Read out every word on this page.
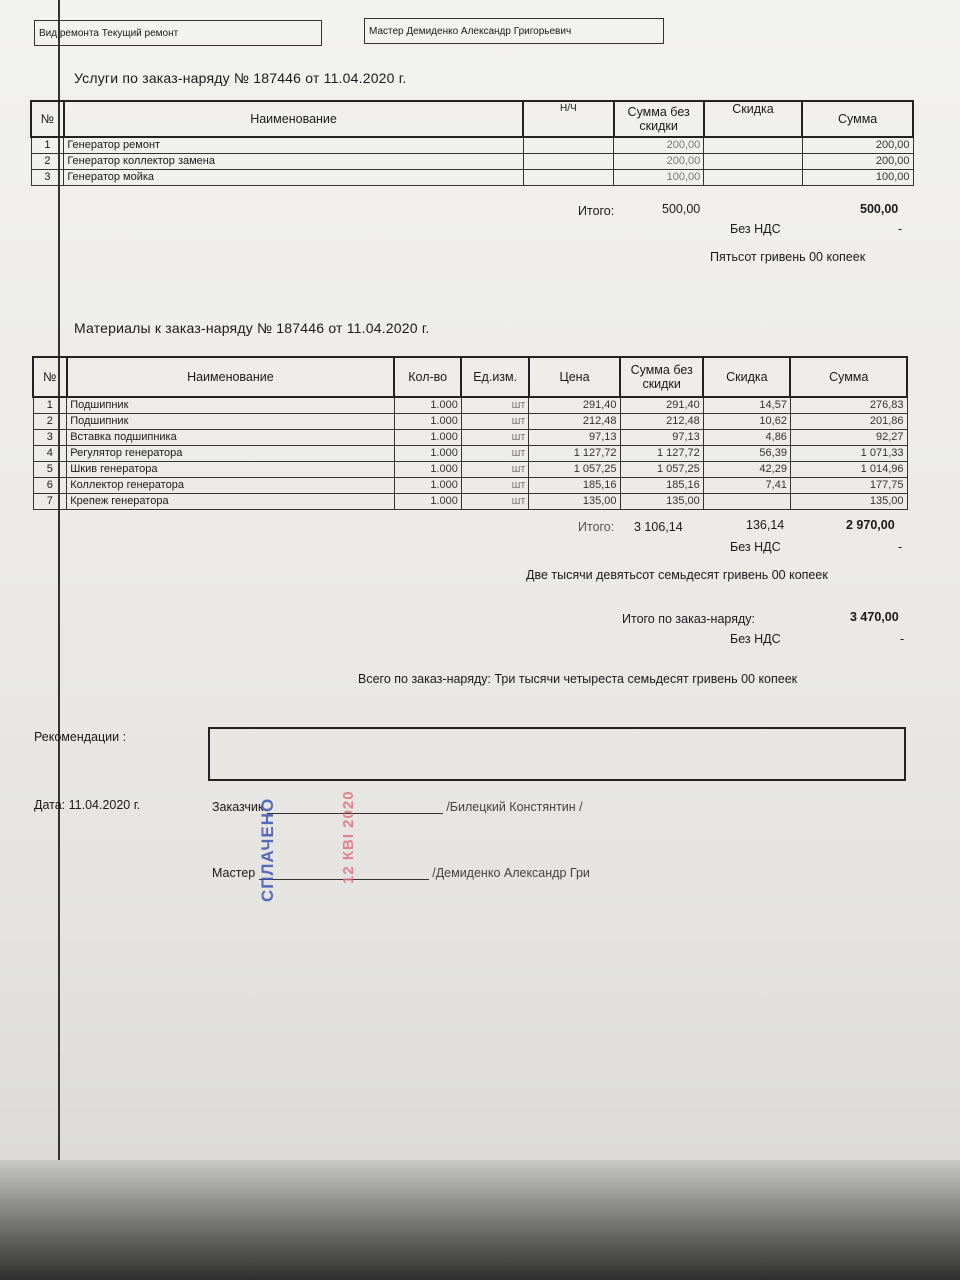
Вид ремонта Текущий ремонт	Мастер Демиденко Александр Григорьевич
Услуги по заказ-наряду № 187446 от 11.04.2020 г.
№	Наименование	Н/Ч	Сумма без скидки	Скидка	Сумма
1	Генератор ремонт		200,00		200,00
2	Генератор коллектор замена		200,00		200,00
3	Генератор мойка		100,00		100,00
Итого:	500,00	500,00
Без НДС	-
Пятьсот гривень 00 копеек
Материалы к заказ-наряду № 187446 от 11.04.2020 г.
№	Наименование	Кол-во	Ед.изм.	Цена	Сумма без скидки	Скидка	Сумма
1	Подшипник	1.000	шт	291,40	291,40	14,57	276,83
2	Подшипник	1.000	шт	212,48	212,48	10,62	201,86
3	Вставка подшипника	1.000	шт	97,13	97,13	4,86	92,27
4	Регулятор генератора	1.000	шт	1 127,72	1 127,72	56,39	1 071,33
5	Шкив генератора	1.000	шт	1 057,25	1 057,25	42,29	1 014,96
6	Коллектор генератора	1.000	шт	185,16	185,16	7,41	177,75
7	Крепеж генератора	1.000	шт	135,00	135,00		135,00
Итого: 3 106,14	136,14	2 970,00
Без НДС	-
Две тысячи девятьсот семьдесят гривень 00 копеек
Итого по заказ-наряду:	3 470,00
Без НДС	-
Всего по заказ-наряду: Три тысячи четыреста семьдесят гривень 00 копеек
Рекомендации :
Дата: 11.04.2020 г.	Заказчик	/Билецкий Констянтин /
Мастер	/Демиденко Александр Гри
СПЛАЧЕНО	12 КВІ 2020
